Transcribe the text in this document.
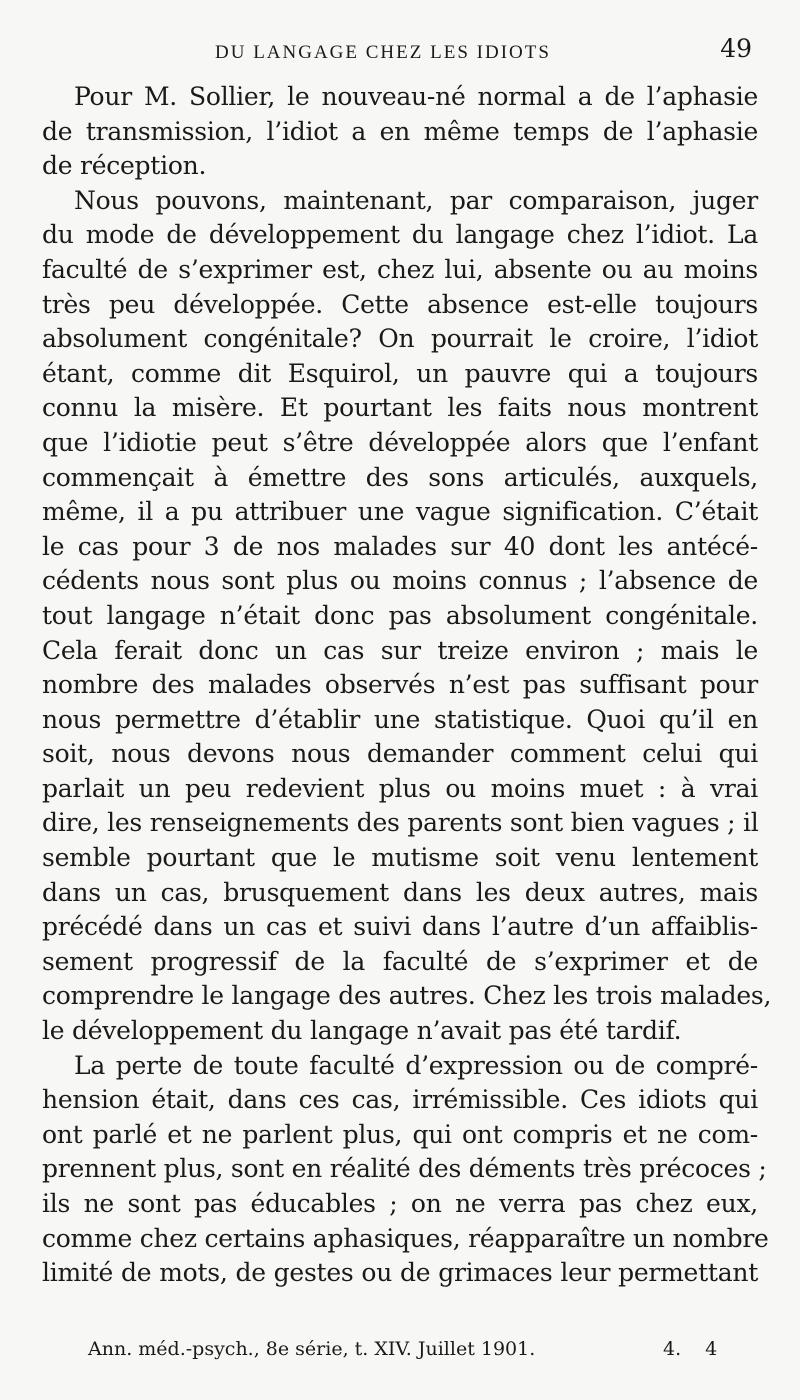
DU LANGAGE CHEZ LES IDIOTS	49

Pour M. Sollier, le nouveau-né normal a de l’aphasie
de transmission, l’idiot a en même temps de l’aphasie
de réception.

Nous pouvons, maintenant, par comparaison, juger
du mode de développement du langage chez l’idiot. La
faculté de s’exprimer est, chez lui, absente ou au moins
très peu développée. Cette absence est-elle toujours
absolument congénitale? On pourrait le croire, l’idiot
étant, comme dit Esquirol, un pauvre qui a toujours
connu la misère. Et pourtant les faits nous montrent
que l’idiotie peut s’être développée alors que l’enfant
commençait à émettre des sons articulés, auxquels,
même, il a pu attribuer une vague signification. C’était
le cas pour 3 de nos malades sur 40 dont les antécé-
cédents nous sont plus ou moins connus ; l’absence de
tout langage n’était donc pas absolument congénitale.
Cela ferait donc un cas sur treize environ ; mais le
nombre des malades observés n’est pas suffisant pour
nous permettre d’établir une statistique. Quoi qu’il en
soit, nous devons nous demander comment celui qui
parlait un peu redevient plus ou moins muet : à vrai
dire, les renseignements des parents sont bien vagues ; il
semble pourtant que le mutisme soit venu lentement
dans un cas, brusquement dans les deux autres, mais
précédé dans un cas et suivi dans l’autre d’un affaiblis-
sement progressif de la faculté de s’exprimer et de
comprendre le langage des autres. Chez les trois malades,
le développement du langage n’avait pas été tardif.

La perte de toute faculté d’expression ou de compré-
hension était, dans ces cas, irrémissible. Ces idiots qui
ont parlé et ne parlent plus, qui ont compris et ne com-
prennent plus, sont en réalité des déments très précoces ;
ils ne sont pas éducables ; on ne verra pas chez eux,
comme chez certains aphasiques, réapparaître un nombre
limité de mots, de gestes ou de grimaces leur permettant

Ann. méd.-psych., 8e série, t. XIV. Juillet 1901.	4. 4
